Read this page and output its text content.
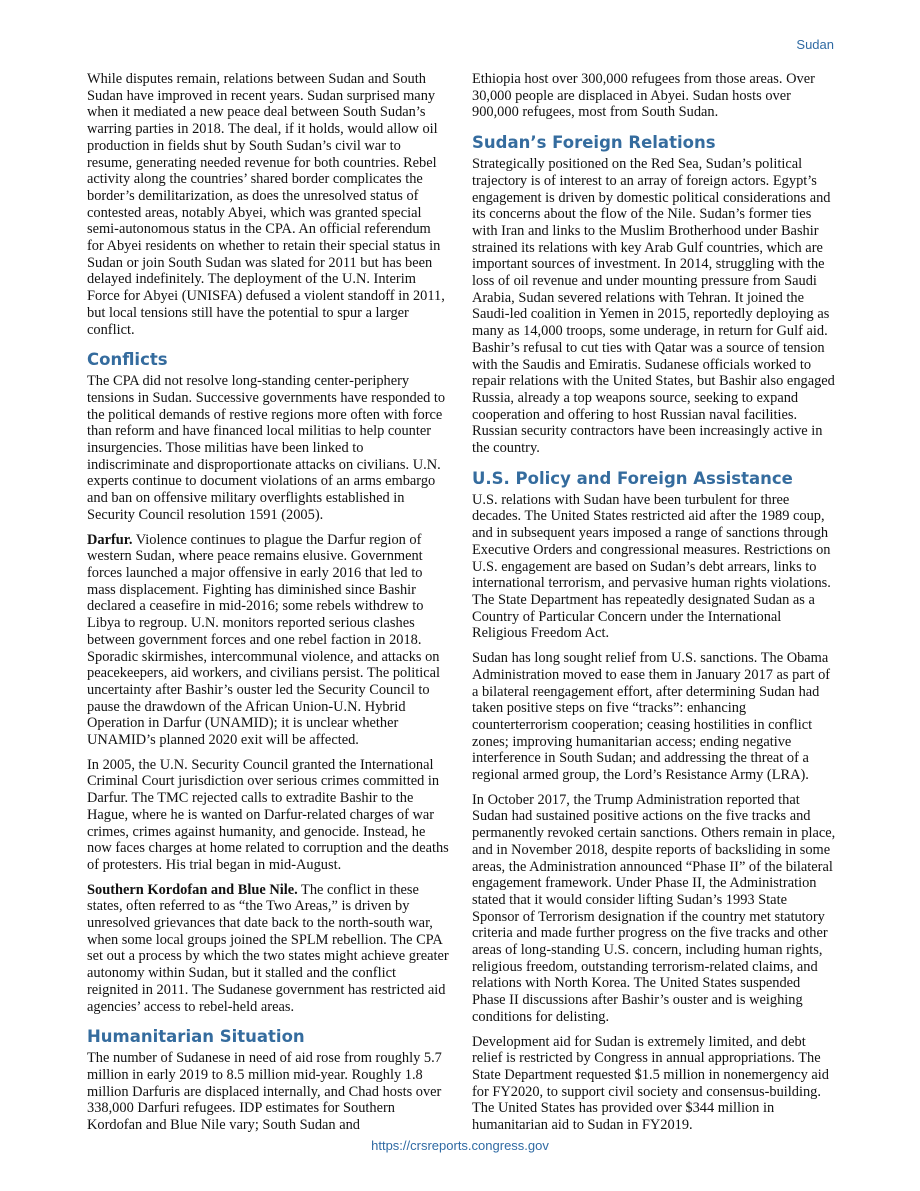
Sudan

While disputes remain, relations between Sudan and South Sudan have improved in recent years. Sudan surprised many when it mediated a new peace deal between South Sudan’s warring parties in 2018. The deal, if it holds, would allow oil production in fields shut by South Sudan’s civil war to resume, generating needed revenue for both countries. Rebel activity along the countries’ shared border complicates the border’s demilitarization, as does the unresolved status of contested areas, notably Abyei, which was granted special semi-autonomous status in the CPA. An official referendum for Abyei residents on whether to retain their special status in Sudan or join South Sudan was slated for 2011 but has been delayed indefinitely. The deployment of the U.N. Interim Force for Abyei (UNISFA) defused a violent standoff in 2011, but local tensions still have the potential to spur a larger conflict.

Conflicts

The CPA did not resolve long-standing center-periphery tensions in Sudan. Successive governments have responded to the political demands of restive regions more often with force than reform and have financed local militias to help counter insurgencies. Those militias have been linked to indiscriminate and disproportionate attacks on civilians. U.N. experts continue to document violations of an arms embargo and ban on offensive military overflights established in Security Council resolution 1591 (2005).

Darfur. Violence continues to plague the Darfur region of western Sudan, where peace remains elusive. Government forces launched a major offensive in early 2016 that led to mass displacement. Fighting has diminished since Bashir declared a ceasefire in mid-2016; some rebels withdrew to Libya to regroup. U.N. monitors reported serious clashes between government forces and one rebel faction in 2018. Sporadic skirmishes, intercommunal violence, and attacks on peacekeepers, aid workers, and civilians persist. The political uncertainty after Bashir’s ouster led the Security Council to pause the drawdown of the African Union-U.N. Hybrid Operation in Darfur (UNAMID); it is unclear whether UNAMID’s planned 2020 exit will be affected.

In 2005, the U.N. Security Council granted the International Criminal Court jurisdiction over serious crimes committed in Darfur. The TMC rejected calls to extradite Bashir to the Hague, where he is wanted on Darfur-related charges of war crimes, crimes against humanity, and genocide. Instead, he now faces charges at home related to corruption and the deaths of protesters. His trial began in mid-August.

Southern Kordofan and Blue Nile. The conflict in these states, often referred to as “the Two Areas,” is driven by unresolved grievances that date back to the north-south war, when some local groups joined the SPLM rebellion. The CPA set out a process by which the two states might achieve greater autonomy within Sudan, but it stalled and the conflict reignited in 2011. The Sudanese government has restricted aid agencies’ access to rebel-held areas.

Humanitarian Situation

The number of Sudanese in need of aid rose from roughly 5.7 million in early 2019 to 8.5 million mid-year. Roughly 1.8 million Darfuris are displaced internally, and Chad hosts over 338,000 Darfuri refugees. IDP estimates for Southern Kordofan and Blue Nile vary; South Sudan and

Ethiopia host over 300,000 refugees from those areas. Over 30,000 people are displaced in Abyei. Sudan hosts over 900,000 refugees, most from South Sudan.

Sudan’s Foreign Relations

Strategically positioned on the Red Sea, Sudan’s political trajectory is of interest to an array of foreign actors. Egypt’s engagement is driven by domestic political considerations and its concerns about the flow of the Nile. Sudan’s former ties with Iran and links to the Muslim Brotherhood under Bashir strained its relations with key Arab Gulf countries, which are important sources of investment. In 2014, struggling with the loss of oil revenue and under mounting pressure from Saudi Arabia, Sudan severed relations with Tehran. It joined the Saudi-led coalition in Yemen in 2015, reportedly deploying as many as 14,000 troops, some underage, in return for Gulf aid. Bashir’s refusal to cut ties with Qatar was a source of tension with the Saudis and Emiratis. Sudanese officials worked to repair relations with the United States, but Bashir also engaged Russia, already a top weapons source, seeking to expand cooperation and offering to host Russian naval facilities. Russian security contractors have been increasingly active in the country.

U.S. Policy and Foreign Assistance

U.S. relations with Sudan have been turbulent for three decades. The United States restricted aid after the 1989 coup, and in subsequent years imposed a range of sanctions through Executive Orders and congressional measures. Restrictions on U.S. engagement are based on Sudan’s debt arrears, links to international terrorism, and pervasive human rights violations. The State Department has repeatedly designated Sudan as a Country of Particular Concern under the International Religious Freedom Act.

Sudan has long sought relief from U.S. sanctions. The Obama Administration moved to ease them in January 2017 as part of a bilateral reengagement effort, after determining Sudan had taken positive steps on five “tracks”: enhancing counterterrorism cooperation; ceasing hostilities in conflict zones; improving humanitarian access; ending negative interference in South Sudan; and addressing the threat of a regional armed group, the Lord’s Resistance Army (LRA).

In October 2017, the Trump Administration reported that Sudan had sustained positive actions on the five tracks and permanently revoked certain sanctions. Others remain in place, and in November 2018, despite reports of backsliding in some areas, the Administration announced “Phase II” of the bilateral engagement framework. Under Phase II, the Administration stated that it would consider lifting Sudan’s 1993 State Sponsor of Terrorism designation if the country met statutory criteria and made further progress on the five tracks and other areas of long-standing U.S. concern, including human rights, religious freedom, outstanding terrorism-related claims, and relations with North Korea. The United States suspended Phase II discussions after Bashir’s ouster and is weighing conditions for delisting.

Development aid for Sudan is extremely limited, and debt relief is restricted by Congress in annual appropriations. The State Department requested $1.5 million in nonemergency aid for FY2020, to support civil society and consensus-building. The United States has provided over $344 million in humanitarian aid to Sudan in FY2019.

https://crsreports.congress.gov
